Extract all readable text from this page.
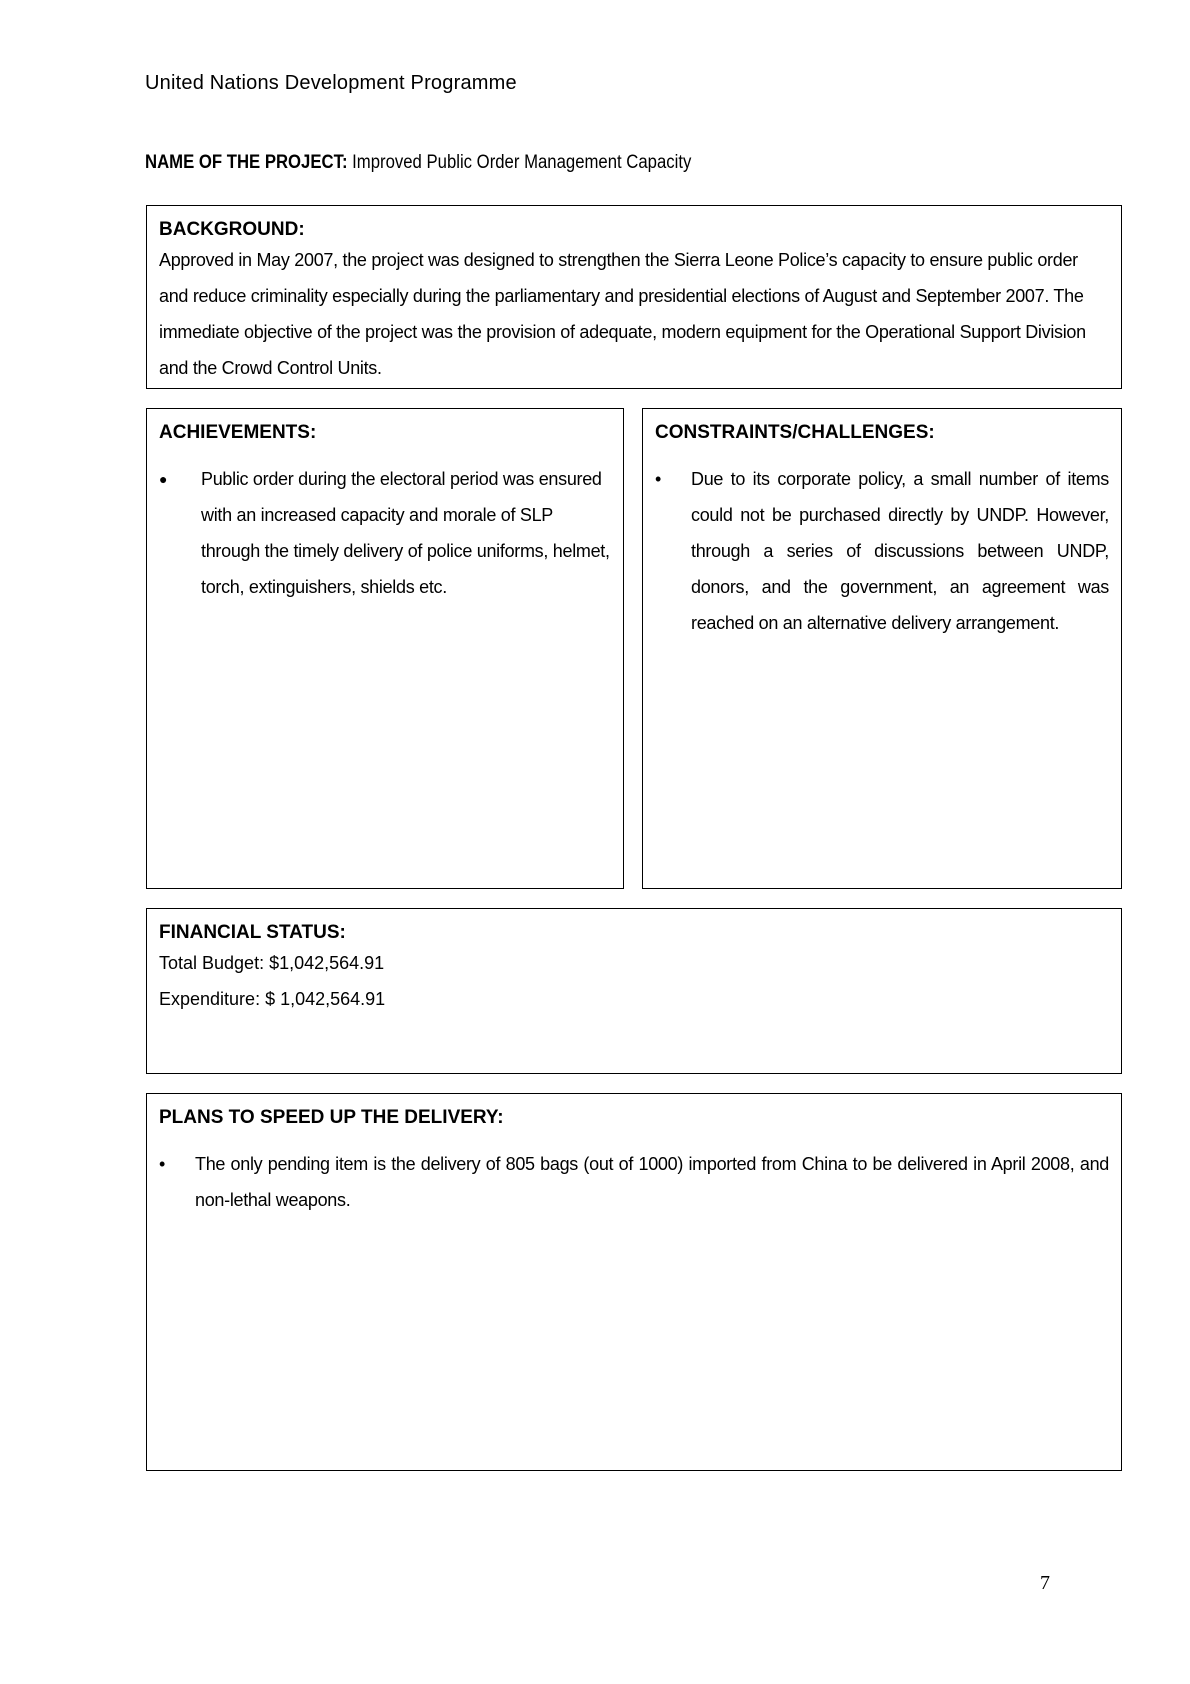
United Nations Development Programme
NAME OF THE PROJECT: Improved Public Order Management Capacity
BACKGROUND:

Approved in May 2007, the project was designed to strengthen the Sierra Leone Police’s capacity to ensure public order and reduce criminality especially during the parliamentary and presidential elections of August and September 2007. The immediate objective of the project was the provision of adequate, modern equipment for the Operational Support Division and the Crowd Control Units.

ACHIEVEMENTS:
●	Public order during the electoral period was ensured with an increased capacity and morale of SLP through the timely delivery of police uniforms, helmet, torch, extinguishers, shields etc.
CONSTRAINTS/CHALLENGES:
•	Due to its corporate policy, a small number of items could not be purchased directly by UNDP. However, through a series of discussions between UNDP, donors, and the government, an agreement was reached on an alternative delivery arrangement.
FINANCIAL STATUS:
Total Budget: $1,042,564.91
Expenditure: $ 1,042,564.91
PLANS TO SPEED UP THE DELIVERY:
•	The only pending item is the delivery of 805 bags (out of 1000) imported from China to be delivered in April 2008, and non-lethal weapons.
7
